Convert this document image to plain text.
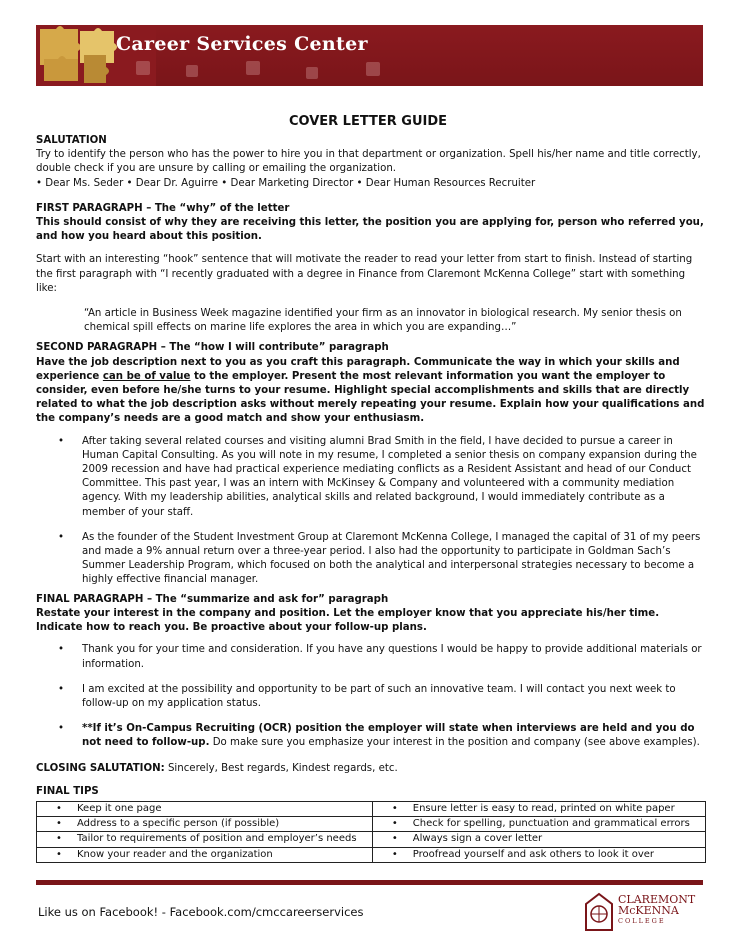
Career Services Center
COVER LETTER GUIDE
SALUTATION

Try to identify the person who has the power to hire you in that department or organization. Spell his/her name and title correctly, double check if you are unsure by calling or emailing the organization.

• Dear Ms. Seder • Dear Dr. Aguirre • Dear Marketing Director • Dear Human Resources Recruiter

FIRST PARAGRAPH – The “why” of the letter

This should consist of why they are receiving this letter, the position you are applying for, person who referred you, and how you heard about this position.

Start with an interesting “hook” sentence that will motivate the reader to read your letter from start to finish. Instead of starting the first paragraph with “I recently graduated with a degree in Finance from Claremont McKenna College” start with something like:

“An article in Business Week magazine identified your firm as an innovator in biological research. My senior thesis on chemical spill effects on marine life explores the area in which you are expanding…”

SECOND PARAGRAPH – The “how I will contribute” paragraph

Have the job description next to you as you craft this paragraph. Communicate the way in which your skills and experience can be of value to the employer. Present the most relevant information you want the employer to consider, even before he/she turns to your resume. Highlight special accomplishments and skills that are directly related to what the job description asks without merely repeating your resume. Explain how your qualifications and the company’s needs are a good match and show your enthusiasm.

• After taking several related courses and visiting alumni Brad Smith in the field, I have decided to pursue a career in Human Capital Consulting. As you will note in my resume, I completed a senior thesis on company expansion during the 2009 recession and have had practical experience mediating conflicts as a Resident Assistant and head of our Conduct Committee. This past year, I was an intern with McKinsey & Company and volunteered with a community mediation agency. With my leadership abilities, analytical skills and related background, I would immediately contribute as a member of your staff.
• As the founder of the Student Investment Group at Claremont McKenna College, I managed the capital of 31 of my peers and made a 9% annual return over a three-year period. I also had the opportunity to participate in Goldman Sach’s Summer Leadership Program, which focused on both the analytical and interpersonal strategies necessary to become a highly effective financial manager.
FINAL PARAGRAPH – The “summarize and ask for” paragraph

Restate your interest in the company and position. Let the employer know that you appreciate his/her time. Indicate how to reach you. Be proactive about your follow-up plans.

• Thank you for your time and consideration. If you have any questions I would be happy to provide additional materials or information.
• I am excited at the possibility and opportunity to be part of such an innovative team. I will contact you next week to follow-up on my application status.
• **If it’s On-Campus Recruiting (OCR) position the employer will state when interviews are held and you do not need to follow-up. Do make sure you emphasize your interest in the position and company (see above examples).

CLOSING SALUTATION: Sincerely, Best regards, Kindest regards, etc.

FINAL TIPS
• Keep it one page	• Ensure letter is easy to read, printed on white paper
• Address to a specific person (if possible)	• Check for spelling, punctuation and grammatical errors
• Tailor to requirements of position and employer’s needs	• Always sign a cover letter
• Know your reader and the organization	• Proofread yourself and ask others to look it over
Like us on Facebook! - Facebook.com/cmccareerservices
CLAREMONT
McKENNA
COLLEGE
